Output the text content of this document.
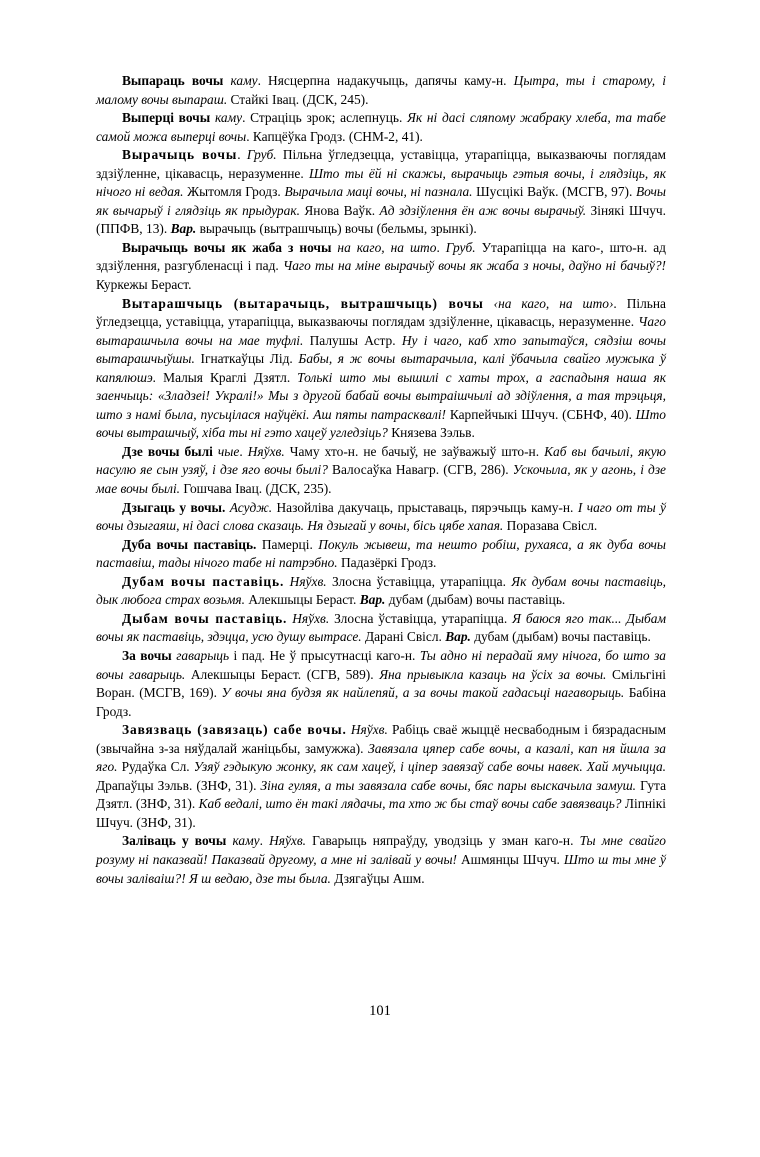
Выпараць вочы каму. Нясцерпна надакучыць, дапячы каму-н. Цытра, ты і старому, і малому вочы выпараш. Стайкі Івац. (ДСК, 245).

Выперці вочы каму. Страціць зрок; аслепнуць. Як ні дасі сляпому жабраку хлеба, та табе самой можа выперці вочы. Капцёўка Гродз. (СНМ-2, 41).

Вырачыць вочы. Груб. Пільна ўгледзецца, уставіцца, утарапіцца, выказваючы поглядам здзіўленне, цікавасць, неразуменне. Што ты ёй ні скажы, вырачыць гэтыя вочы, і глядзіць, як нічого ні ведая. Жытомля Гродз. Вырачыла маці вочы, ні пазнала. Шусцікі Ваўк. (МСГВ, 97). Вочы як вычарыў і глядзіць як прыдурак. Янова Ваўк. Ад здзіўлення ён аж вочы вырачыў. Зінякі Шчуч. (ППФВ, 13). Вар. вырачыць (вытрашчыць) вочы (бельмы, зрынкі).

Вырачыць вочы як жаба з ночы на каго, на што. Груб. Утарапіцца на каго-, што-н. ад здзіўлення, разгубленасці і пад. Чаго ты на міне вырачыў вочы як жаба з ночы, даўно ні бачыў?! Куркежы Бераст.

Вытарашчыць (вытарачыць, вытрашчыць) вочы ‹на каго, на што›. Пільна ўгледзецца, уставіцца, утарапіцца, выказваючы поглядам здзіўленне, цікавасць, неразуменне. Чаго вытарашчыла вочы на мае туфлі. Палушы Астр. Ну і чаго, каб хто запытаўся, сядзіш вочы вытарашчыўшы. Ігнаткаўцы Лід. Бабы, я ж вочы вытарачыла, калі ўбачыла свайго мужыка ў капялюшэ. Малыя Краглі Дзятл. Толькі што мы вышилі с хаты трох, а гаспадыня наша як заенчыць: «Зладзеі! Укралі!» Мы з другой бабай вочы вытраішчылі ад здіўлення, а тая трэцьця, што з намі была, пусьцілася наўцёкі. Аш пяты патрасквалі! Карпейчыкі Шчуч. (СБНФ, 40). Што вочы вытрашчыў, хіба ты ні гэто хацеў угледзіць? Князева Зэльв.

Дзе вочы былі чые. Няўхв. Чаму хто-н. не бачыў, не заўважыў што-н. Каб вы бачылі, якую насулю яе сын узяў, і дзе яго вочы былі? Валосаўка Навагр. (СГВ, 286). Ускочыла, як у агонь, і дзе мае вочы былі. Гошчава Івац. (ДСК, 235).

Дзыгаць у вочы. Асудж. Назойліва дакучаць, прыставаць, пярэчыць каму-н. І чаго от ты ў вочы дзыгаяш, ні дасі слова сказаць. Ня дзыгай у вочы, бісь цябе хапая. Поразава Свісл.

Дуба вочы паставіць. Памерці. Покуль жывеш, та нешто робіш, рухаяса, а як дуба вочы паставіш, тады нічого табе ні патрэбно. Падазёркі Гродз.

Дубам вочы паставіць. Няўхв. Злосна ўставіцца, утарапіцца. Як дубам вочы паставіць, дык любога страх возьмя. Алекшыцы Бераст. Вар. дубам (дыбам) вочы паставіць.

Дыбам вочы паставіць. Няўхв. Злосна ўставіцца, утарапіцца. Я баюся яго так... Дыбам вочы як паставіць, здэцца, усю душу вытрасе. Дарані Свісл. Вар. дубам (дыбам) вочы паставіць.

За вочы гаварыць і пад. Не ў прысутнасці каго-н. Ты адно ні перадай яму нічога, бо што за вочы гаварыць. Алекшыцы Бераст. (СГВ, 589). Яна прывыкла казаць на ўсіх за вочы. Смільгіні Воран. (МСГВ, 169). У вочы яна будзя як найлепяй, а за вочы такой гадасьці нагаворыць. Бабіна Гродз.

Завязваць (завязаць) сабе вочы. Няўхв. Рабіць сваё жыццё несвабодным і бязрадасным (звычайна з-за няўдалай жаніцьбы, замужжа). Завязала цяпер сабе вочы, а казалі, кап ня йшла за яго. Рудаўка Сл. Узяў гэдыкую жонку, як сам хацеў, і ціпер завязаў сабе вочы навек. Хай мучыцца. Драпаўцы Зэльв. (ЗНФ, 31). Зіна гуляя, а ты завязала сабе вочы, бяс пары выскачыла замуш. Гута Дзятл. (ЗНФ, 31). Каб ведалі, што ён такі лядачы, та хто ж бы стаў вочы сабе завязваць? Ліпнікі Шчуч. (ЗНФ, 31).

Заліваць у вочы каму. Няўхв. Гаварыць няпраўду, уводзіць у зман каго-н. Ты мне свайго розуму ні паказвай! Паказвай другому, а мне ні залівай у вочы! Ашмянцы Шчуч. Што ш ты мне ў вочы заліваіш?! Я ш ведаю, дзе ты была. Дзягаўцы Ашм.

101
